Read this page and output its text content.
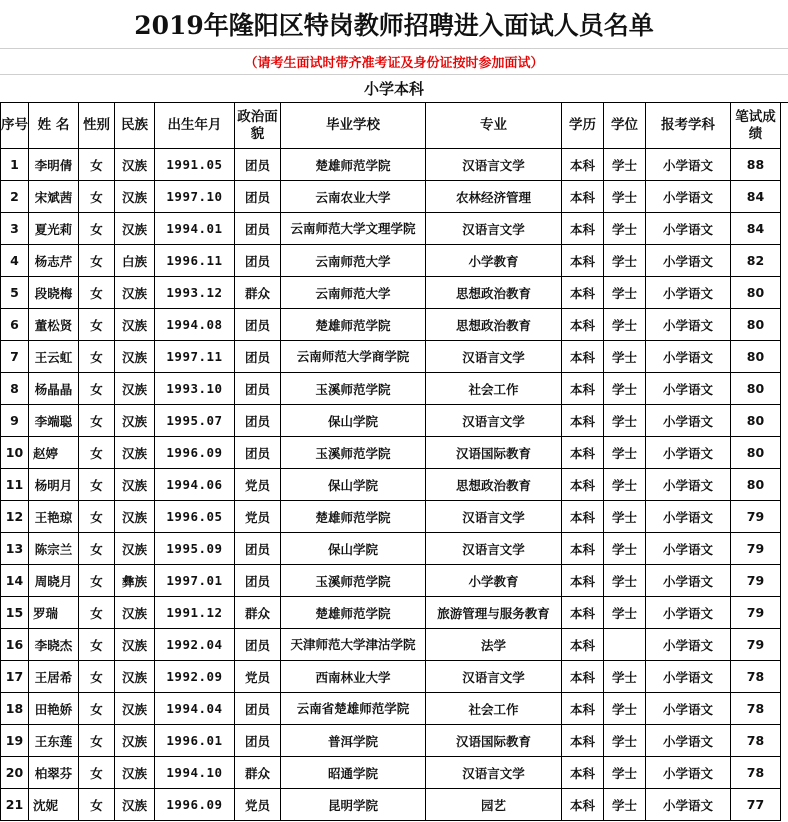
2019年隆阳区特岗教师招聘进入面试人员名单
（请考生面试时带齐准考证及身份证按时参加面试）
小学本科
序号	姓 名	性别	民族	出生年月	政治面貌	毕业学校	专业	学历	学位	报考学科	笔试成绩
1	李明倩	女	汉族	1991.05	团员	楚雄师范学院	汉语言文学	本科	学士	小学语文	88
2	宋斌茜	女	汉族	1997.10	团员	云南农业大学	农林经济管理	本科	学士	小学语文	84
3	夏光莉	女	汉族	1994.01	团员	云南师范大学文理学院	汉语言文学	本科	学士	小学语文	84
4	杨志芹	女	白族	1996.11	团员	云南师范大学	小学教育	本科	学士	小学语文	82
5	段晓梅	女	汉族	1993.12	群众	云南师范大学	思想政治教育	本科	学士	小学语文	80
6	董松贤	女	汉族	1994.08	团员	楚雄师范学院	思想政治教育	本科	学士	小学语文	80
7	王云虹	女	汉族	1997.11	团员	云南师范大学商学院	汉语言文学	本科	学士	小学语文	80
8	杨晶晶	女	汉族	1993.10	团员	玉溪师范学院	社会工作	本科	学士	小学语文	80
9	李端聪	女	汉族	1995.07	团员	保山学院	汉语言文学	本科	学士	小学语文	80
10	赵婷	女	汉族	1996.09	团员	玉溪师范学院	汉语国际教育	本科	学士	小学语文	80
11	杨明月	女	汉族	1994.06	党员	保山学院	思想政治教育	本科	学士	小学语文	80
12	王艳琼	女	汉族	1996.05	党员	楚雄师范学院	汉语言文学	本科	学士	小学语文	79
13	陈宗兰	女	汉族	1995.09	团员	保山学院	汉语言文学	本科	学士	小学语文	79
14	周晓月	女	彝族	1997.01	团员	玉溪师范学院	小学教育	本科	学士	小学语文	79
15	罗瑞	女	汉族	1991.12	群众	楚雄师范学院	旅游管理与服务教育	本科	学士	小学语文	79
16	李晓杰	女	汉族	1992.04	团员	天津师范大学津沽学院	法学	本科		小学语文	79
17	王居希	女	汉族	1992.09	党员	西南林业大学	汉语言文学	本科	学士	小学语文	78
18	田艳娇	女	汉族	1994.04	团员	云南省楚雄师范学院	社会工作	本科	学士	小学语文	78
19	王东莲	女	汉族	1996.01	团员	普洱学院	汉语国际教育	本科	学士	小学语文	78
20	柏翠芬	女	汉族	1994.10	群众	昭通学院	汉语言文学	本科	学士	小学语文	78
21	沈妮	女	汉族	1996.09	党员	昆明学院	园艺	本科	学士	小学语文	77
